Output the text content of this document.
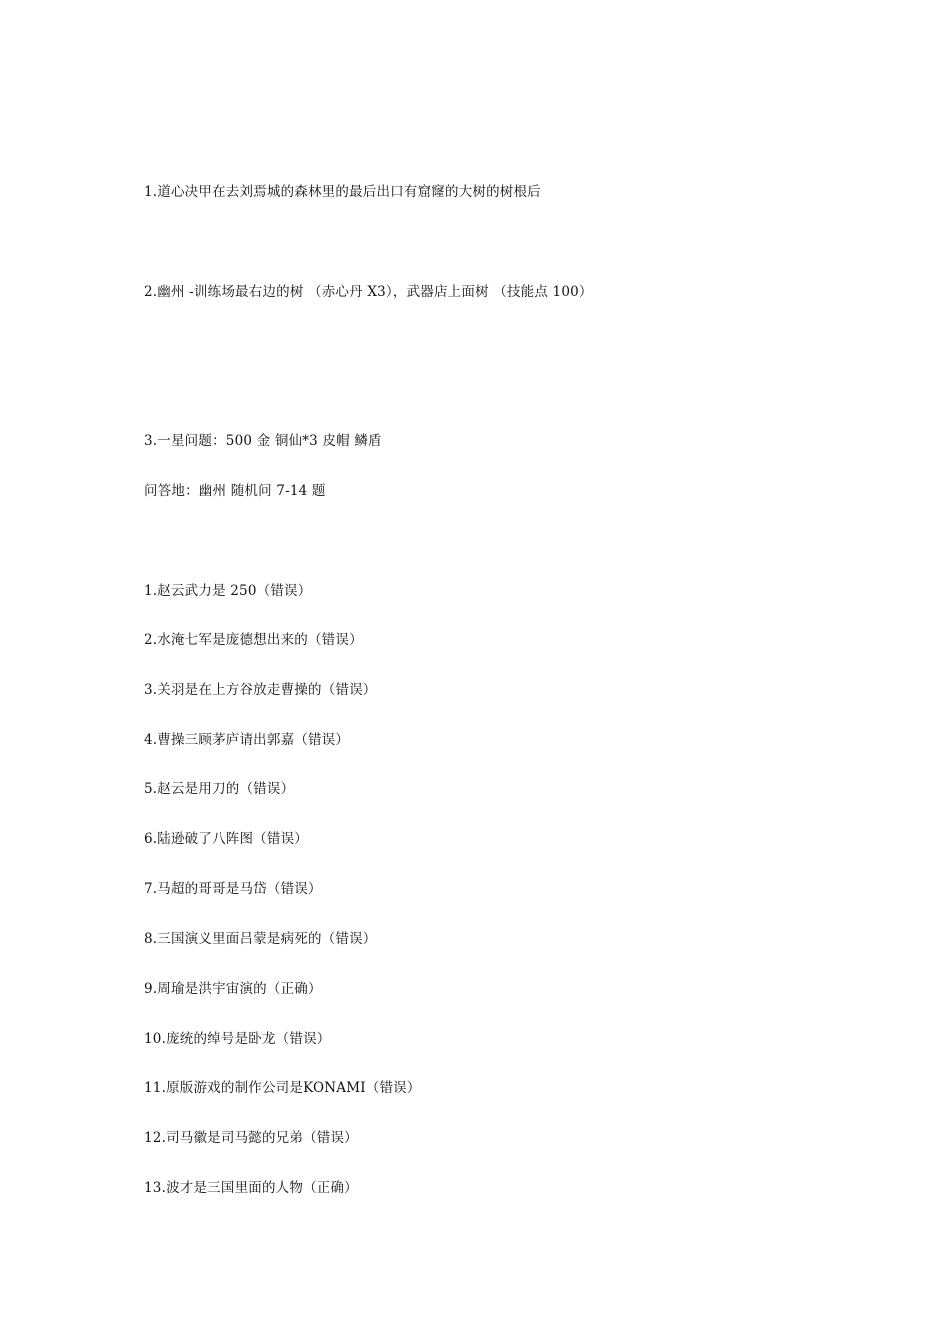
1.道心决甲在去刘焉城的森林里的最后出口有窟窿的大树的树根后
2.幽州 -训练场最右边的树 （赤心丹 X3），武器店上面树 （技能点 100）
3.一星问题：500 金 铜仙*3 皮帽 鳞盾
问答地：幽州 随机问 7-14 题
1.赵云武力是 250（错误）
2.水淹七军是庞德想出来的（错误）
3.关羽是在上方谷放走曹操的（错误）
4.曹操三顾茅庐请出郭嘉（错误）
5.赵云是用刀的（错误）
6.陆逊破了八阵图（错误）
7.马超的哥哥是马岱（错误）
8.三国演义里面吕蒙是病死的（错误）
9.周瑜是洪宇宙演的（正确）
10.庞统的绰号是卧龙（错误）
11.原版游戏的制作公司是KONAMI（错误）
12.司马徽是司马懿的兄弟（错误）
13.波才是三国里面的人物（正确）
